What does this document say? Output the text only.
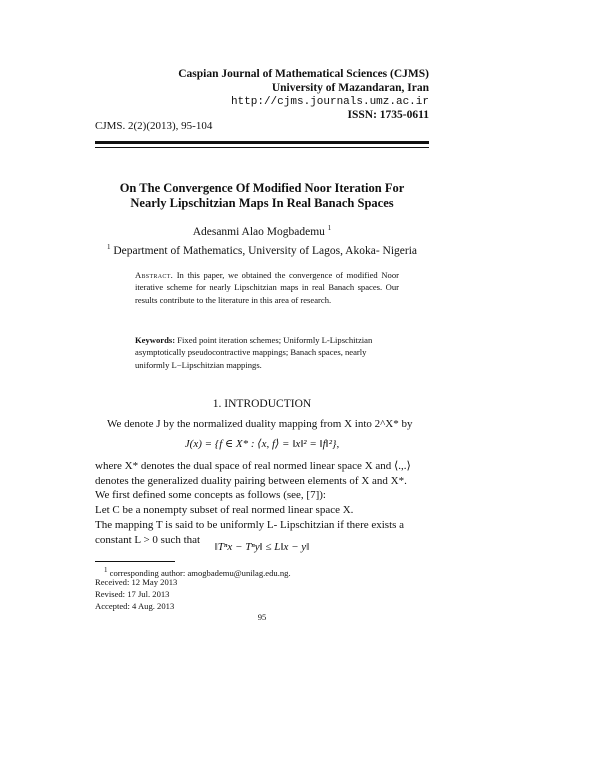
Caspian Journal of Mathematical Sciences (CJMS)
University of Mazandaran, Iran
http://cjms.journals.umz.ac.ir
ISSN: 1735-0611
CJMS. 2(2)(2013), 95-104
On The Convergence Of Modified Noor Iteration For
Nearly Lipschitzian Maps In Real Banach Spaces
Adesanmi Alao Mogbademu $^1$
$^1$ Department of Mathematics, University of Lagos, Akoka- Nigeria
Abstract. In this paper, we obtained the convergence of modified Noor iterative scheme for nearly Lipschitzian maps in real Banach spaces. Our results contribute to the literature in this area of research.
Keywords: Fixed point iteration schemes; Uniformly L-Lipschitzian asymptotically pseudocontractive mappings; Banach spaces, nearly uniformly L−Lipschitzian mappings.
1. INTRODUCTION
We denote J by the normalized duality mapping from X into 2^X* by
J(x) = {f ∈ X* : ⟨x, f⟩ = ‖x‖² = ‖f‖²},
where X* denotes the dual space of real normed linear space X and ⟨.,.⟩
denotes the generalized duality pairing between elements of X and X*.
We first defined some concepts as follows (see, [7]):
Let C be a nonempty subset of real normed linear space X.
The mapping T is said to be uniformly L- Lipschitzian if there exists a
constant L > 0 such that
‖Tⁿx − Tⁿy‖ ≤ L‖x − y‖
$^1$ corresponding author: amogbademu@unilag.edu.ng.
Received: 12 May 2013
Revised: 17 Jul. 2013
Accepted: 4 Aug. 2013
95
